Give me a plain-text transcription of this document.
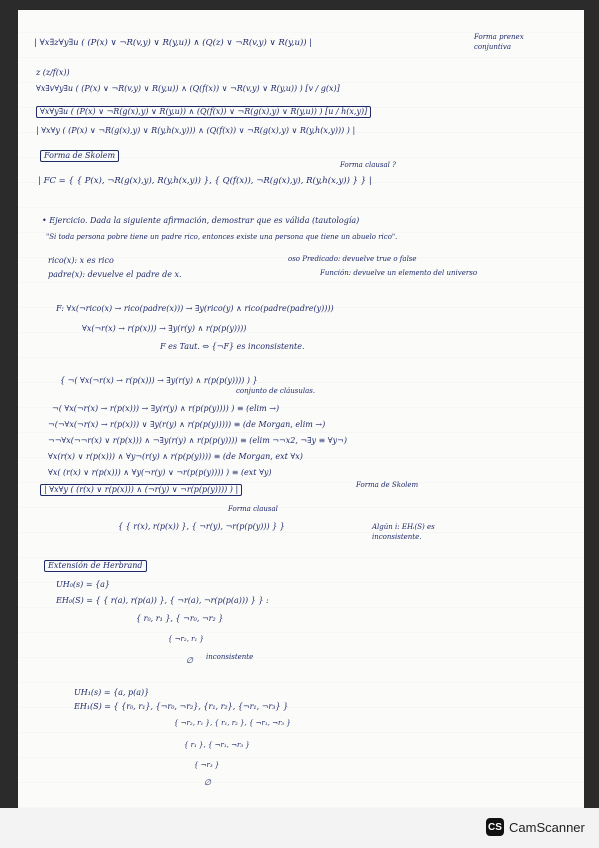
| ∀x∃z∀y∃u ( (P(x) ∨ ¬R(v,y) ∨ R(y,u)) ∧ (Q(z) ∨ ¬R(v,y) ∨ R(y,u)) |
Forma prenex conjuntiva
z (z/f(x))
∀x∃v∀y∃u ( (P(x) ∨ ¬R(v,y) ∨ R(y,u)) ∧ (Q(f(x)) ∨ ¬R(v,y) ∨ R(y,u)) ) [v / g(x)]
∀x∀y∃u ( (P(x) ∨ ¬R(g(x),y) ∨ R(y,u)) ∧ (Q(f(x)) ∨ ¬R(g(x),y) ∨ R(y,u)) ) [u / h(x,y)]
| ∀x∀y ( (P(x) ∨ ¬R(g(x),y) ∨ R(y,h(x,y))) ∧ (Q(f(x)) ∨ ¬R(g(x),y) ∨ R(y,h(x,y))) ) |
Forma de Skolem
| FC = { { P(x), ¬R(g(x),y), R(y,h(x,y)) }, { Q(f(x)), ¬R(g(x),y), R(y,h(x,y)) } } |
Forma clausal ?
• Ejercicio. Dada la siguiente afirmación, demostrar que es válida (tautología)
"Si toda persona pobre tiene un padre rico, entonces existe una persona que tiene un abuelo rico".
rico(x): x es rico
padre(x): devuelve el padre de x.
oso Predicado: devuelve true o false
Función: devuelve un elemento del universo
F: ∀x(¬rico(x) → rico(padre(x))) → ∃y(rico(y) ∧ rico(padre(padre(y))))
∀x(¬r(x) → r(p(x))) → ∃y(r(y) ∧ r(p(p(y))))
F es Taut. ⇔ {¬F} es inconsistente.
{ ¬( ∀x(¬r(x) → r(p(x))) → ∃y(r(y) ∧ r(p(p(y)))) ) }
conjunto de cláusulas.
¬( ∀x(¬r(x) → r(p(x))) → ∃y(r(y) ∧ r(p(p(y)))) ) ≡ (elim →)
¬(¬∀x(¬r(x) → r(p(x))) ∨ ∃y(r(y) ∧ r(p(p(y))))) ≡ (de Morgan, elim →)
¬¬∀x(¬¬r(x) ∨ r(p(x))) ∧ ¬∃y(r(y) ∧ r(p(p(y)))) ≡ (elim ¬¬x2, ¬∃y ≡ ∀y¬)
∀x(r(x) ∨ r(p(x))) ∧ ∀y¬(r(y) ∧ r(p(p(y)))) ≡ (de Morgan, ext ∀x)
∀x( (r(x) ∨ r(p(x))) ∧ ∀y(¬r(y) ∨ ¬r(p(p(y)))) ) ≡ (ext ∀y)
| ∀x∀y ( (r(x) ∨ r(p(x))) ∧ (¬r(y) ∨ ¬r(p(p(y)))) ) |	Forma de Skolem
Forma clausal
{ { r(x), r(p(x)) }, { ¬r(y), ¬r(p(p(y))) } }	Algún i: EHᵢ(S) es inconsistente.
Extensión de Herbrand
UH₀(s) = {a}
EH₀(S) = { { r(a), r(p(a)) }, { ¬r(a), ¬r(p(p(a))) } } :
{ r₀, r₁ }, { ¬r₀, ¬r₂ }
{ ¬r₂, r₁ }
∅ inconsistente
UH₁(s) = {a, p(a)}
EH₁(S) = { {r₀, r₁}, {¬r₀, ¬r₂}, {r₁, r₂}, {¬r₁, ¬r₃} }
{ ¬r₂, r₁ }, { r₁, r₂ }, { ¬r₁, ¬r₃ }
{ r₁ }, { ¬r₁, ¬r₃ }
{ ¬r₃ }
∅
CS CamScanner
